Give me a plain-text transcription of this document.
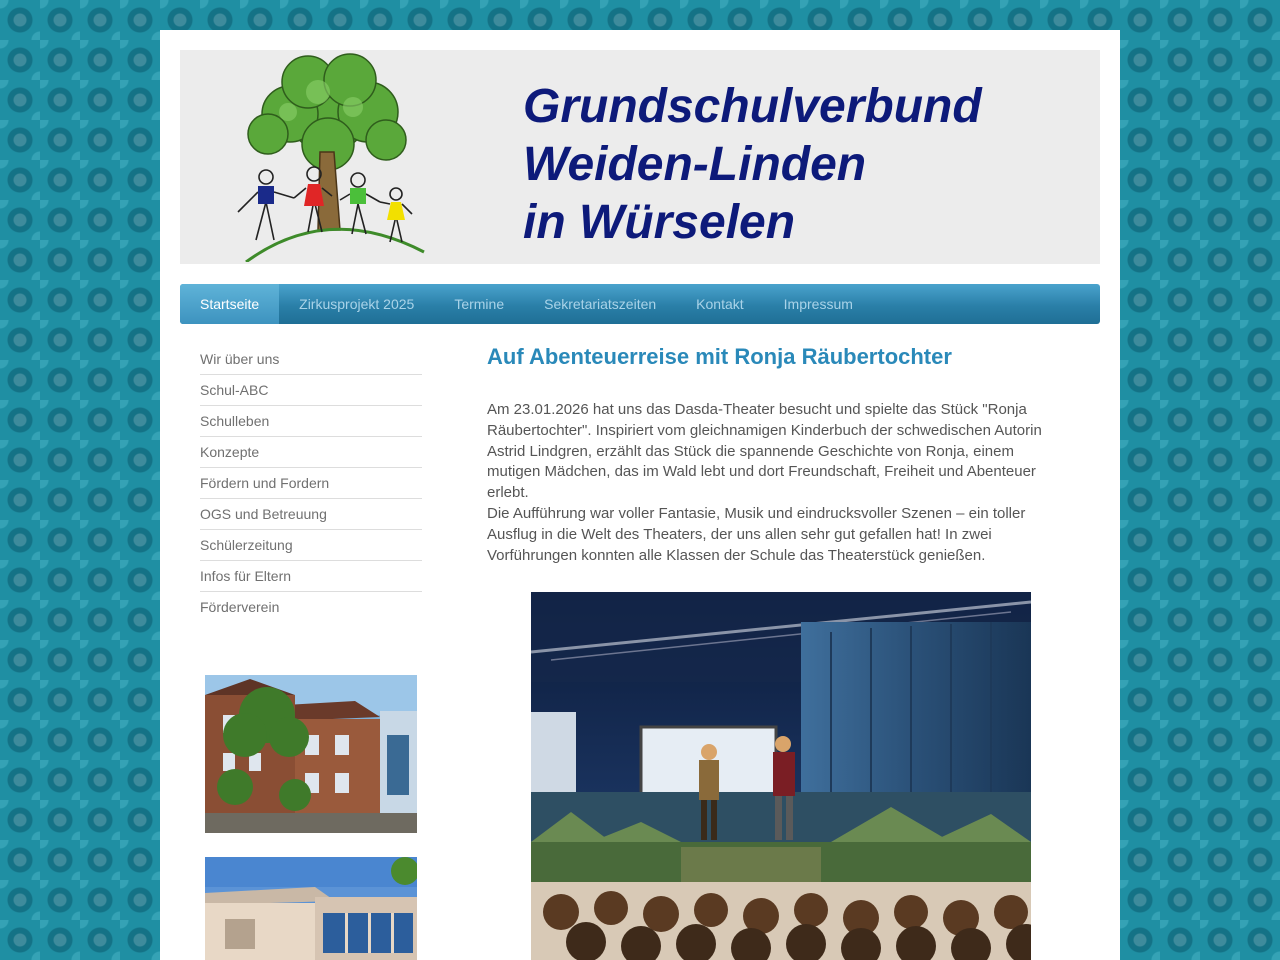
Grundschulverbund
Weiden-Linden
in Würselen
Startseite	Zirkusprojekt 2025	Termine	Sekretariatszeiten	Kontakt	Impressum
Wir über uns
Schul-ABC
Schulleben
Konzepte
Fördern und Fordern
OGS und Betreuung
Schülerzeitung
Infos für Eltern
Förderverein
Auf Abenteuerreise mit Ronja Räubertochter

Am 23.01.2026 hat uns das Dasda-Theater besucht und spielte das Stück "Ronja Räubertochter". Inspiriert vom gleichnamigen Kinderbuch der schwedischen Autorin Astrid Lindgren, erzählt das Stück die spannende Geschichte von Ronja, einem mutigen Mädchen, das im Wald lebt und dort Freundschaft, Freiheit und Abenteuer erlebt.

Die Aufführung war voller Fantasie, Musik und eindrucksvoller Szenen – ein toller Ausflug in die Welt des Theaters, der uns allen sehr gut gefallen hat! In zwei Vorführungen konnten alle Klassen der Schule das Theaterstück genießen.
